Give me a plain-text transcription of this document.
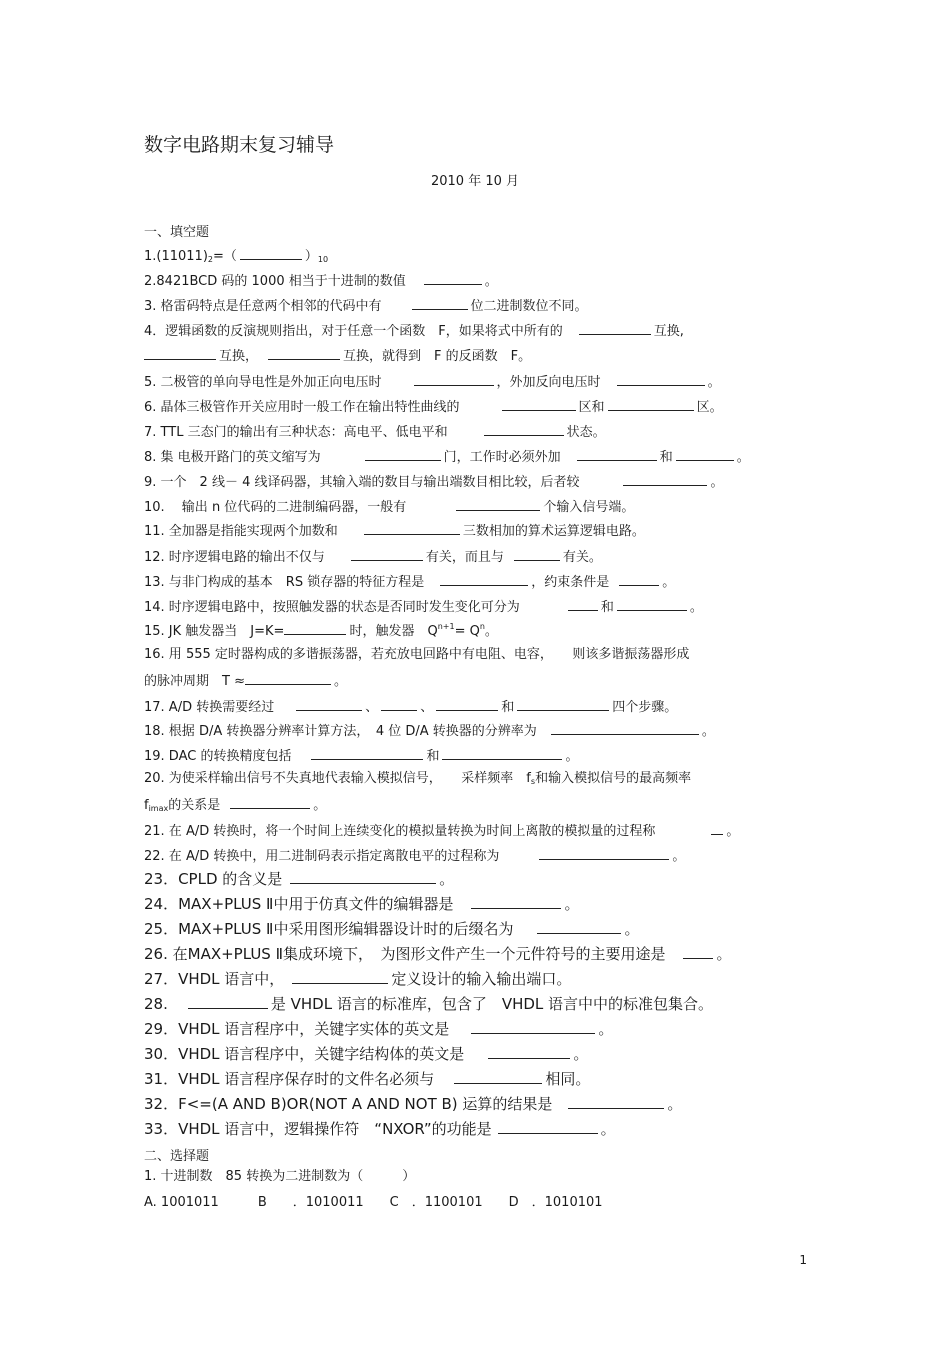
数字电路期末复习辅导
2010 年 10 月
一、填空题
$1.(11011)_2=$（	）$_{10}$
2.8421BCD 码的 1000 相当于十进制的数值	。
3. 格雷码特点是任意两个相邻的代码中有	位二进制数位不同。
4．逻辑函数的反演规则指出，对于任意一个函数　F，如果将式中所有的	互换,
互换，	互换，就得到　F 的反函数　F。
5. 二极管的单向导电性是外加正向电压时	，外加反向电压时	。
6. 晶体三极管作开关应用时一般工作在输出特性曲线的	区和	区。
7. TTL 三态门的输出有三种状态：高电平、低电平和	状态。
8. 集 电极开路门的英文缩写为	门，工作时必须外加	和	。
9. 一个　2 线－ 4 线译码器，其输入端的数目与输出端数目相比较，后者较	。
10. 　输出 n 位代码的二进制编码器，一般有	个输入信号端。
11. 全加器是指能实现两个加数和	三数相加的算术运算逻辑电路。
12. 时序逻辑电路的输出不仅与	有关，而且与	有关。
13. 与非门构成的基本　RS 锁存器的特征方程是	，约束条件是	。
14. 时序逻辑电路中，按照触发器的状态是否同时发生变化可分为	和	。
15. JK 触发器当　J=K=	时，触发器　$Q^{n+1}= Q^n$。
16. 用 555 定时器构成的多谐振荡器，若充放电回路中有电阻、电容，　　则该多谐振荡器形成
的脉冲周期　T ≈	。
17. A/D 转换需要经过	、	、	和	四个步骤。
18. 根据 D/A 转换器分辨率计算方法，　4 位 D/A 转换器的分辨率为	。
19. DAC 的转换精度包括	和	。
20. 为使采样输出信号不失真地代表输入模拟信号，　　采样频率　$f_s$和输入模拟信号的最高频率
$f_{imax}$的关系是	。
21. 在 A/D 转换时，将一个时间上连续变化的模拟量转换为时间上离散的模拟量的过程称	。
22. 在 A/D 转换中，用二进制码表示指定离散电平的过程称为	。
23．CPLD 的含义是	。
24．MAX+PLUS Ⅱ中用于仿真文件的编辑器是	。
25．MAX+PLUS Ⅱ中采用图形编辑器设计时的后缀名为	。
26. 在MAX+PLUS Ⅱ集成环境下，　为图形文件产生一个元件符号的主要用途是	。
27．VHDL 语言中，	定义设计的输入输出端口。
28.	是 VHDL 语言的标准库，包含了　VHDL 语言中中的标准包集合。
29．VHDL 语言程序中，关键字实体的英文是	。
30．VHDL 语言程序中，关键字结构体的英文是	。
31．VHDL 语言程序保存时的文件名必须与	相同。
32．F<=(A AND B)OR(NOT A AND NOT B) 运算的结果是	。
33．VHDL 语言中，逻辑操作符　“NXOR”的功能是	。
二、选择题
1. 十进制数　85 转换为二进制数为（　　　）
A. 1001011　　　B　　．1010011　　C　．1100101　　D　．1010101
1
